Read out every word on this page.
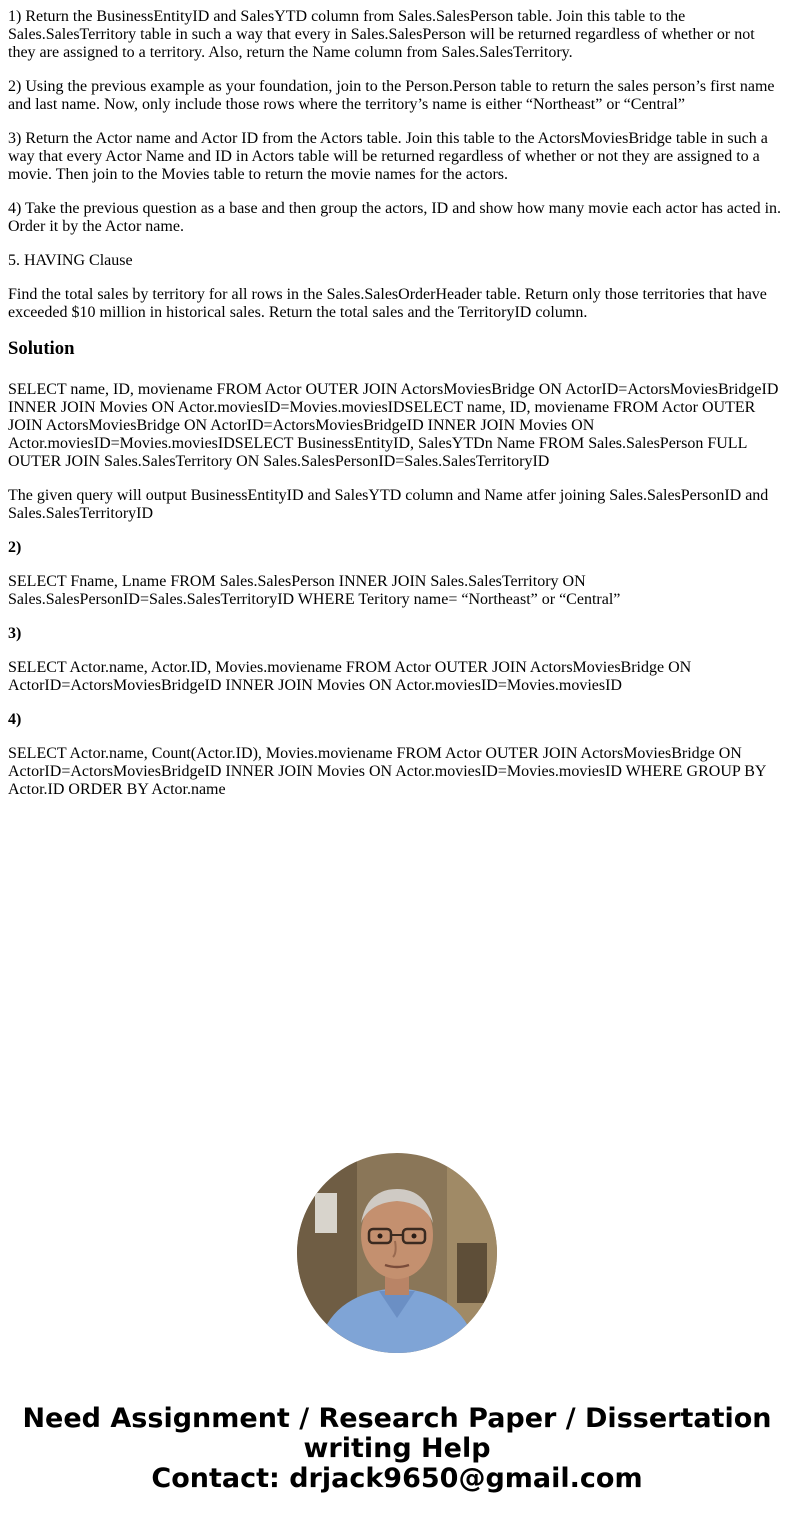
1) Return the BusinessEntityID and SalesYTD column from Sales.SalesPerson table. Join this table to the Sales.SalesTerritory table in such a way that every in Sales.SalesPerson will be returned regardless of whether or not they are assigned to a territory. Also, return the Name column from Sales.SalesTerritory.

2) Using the previous example as your foundation, join to the Person.Person table to return the sales person’s first name and last name. Now, only include those rows where the territory’s name is either “Northeast” or “Central”

3) Return the Actor name and Actor ID from the Actors table. Join this table to the ActorsMoviesBridge table in such a way that every Actor Name and ID in Actors table will be returned regardless of whether or not they are assigned to a movie. Then join to the Movies table to return the movie names for the actors.

4) Take the previous question as a base and then group the actors, ID and show how many movie each actor has acted in. Order it by the Actor name.

5. HAVING Clause

Find the total sales by territory for all rows in the Sales.SalesOrderHeader table. Return only those territories that have exceeded $10 million in historical sales. Return the total sales and the TerritoryID column.

Solution

SELECT name, ID, moviename FROM Actor OUTER JOIN ActorsMoviesBridge ON ActorID=ActorsMoviesBridgeID INNER JOIN Movies ON Actor.moviesID=Movies.moviesIDSELECT name, ID, moviename FROM Actor OUTER JOIN ActorsMoviesBridge ON ActorID=ActorsMoviesBridgeID INNER JOIN Movies ON Actor.moviesID=Movies.moviesIDSELECT BusinessEntityID, SalesYTDn Name FROM Sales.SalesPerson FULL OUTER JOIN Sales.SalesTerritory ON Sales.SalesPersonID=Sales.SalesTerritoryID

The given query will output BusinessEntityID and SalesYTD column and Name atfer joining Sales.SalesPersonID and Sales.SalesTerritoryID

2)

SELECT Fname, Lname FROM Sales.SalesPerson INNER JOIN Sales.SalesTerritory ON Sales.SalesPersonID=Sales.SalesTerritoryID WHERE Teritory name= “Northeast” or “Central”

3)

SELECT Actor.name, Actor.ID, Movies.moviename FROM Actor OUTER JOIN ActorsMoviesBridge ON ActorID=ActorsMoviesBridgeID INNER JOIN Movies ON Actor.moviesID=Movies.moviesID

4)

SELECT Actor.name, Count(Actor.ID), Movies.moviename FROM Actor OUTER JOIN ActorsMoviesBridge ON ActorID=ActorsMoviesBridgeID INNER JOIN Movies ON Actor.moviesID=Movies.moviesID WHERE GROUP BY Actor.ID ORDER BY Actor.name

Need Assignment / Research Paper / Dissertation
writing Help
Contact: drjack9650@gmail.com
